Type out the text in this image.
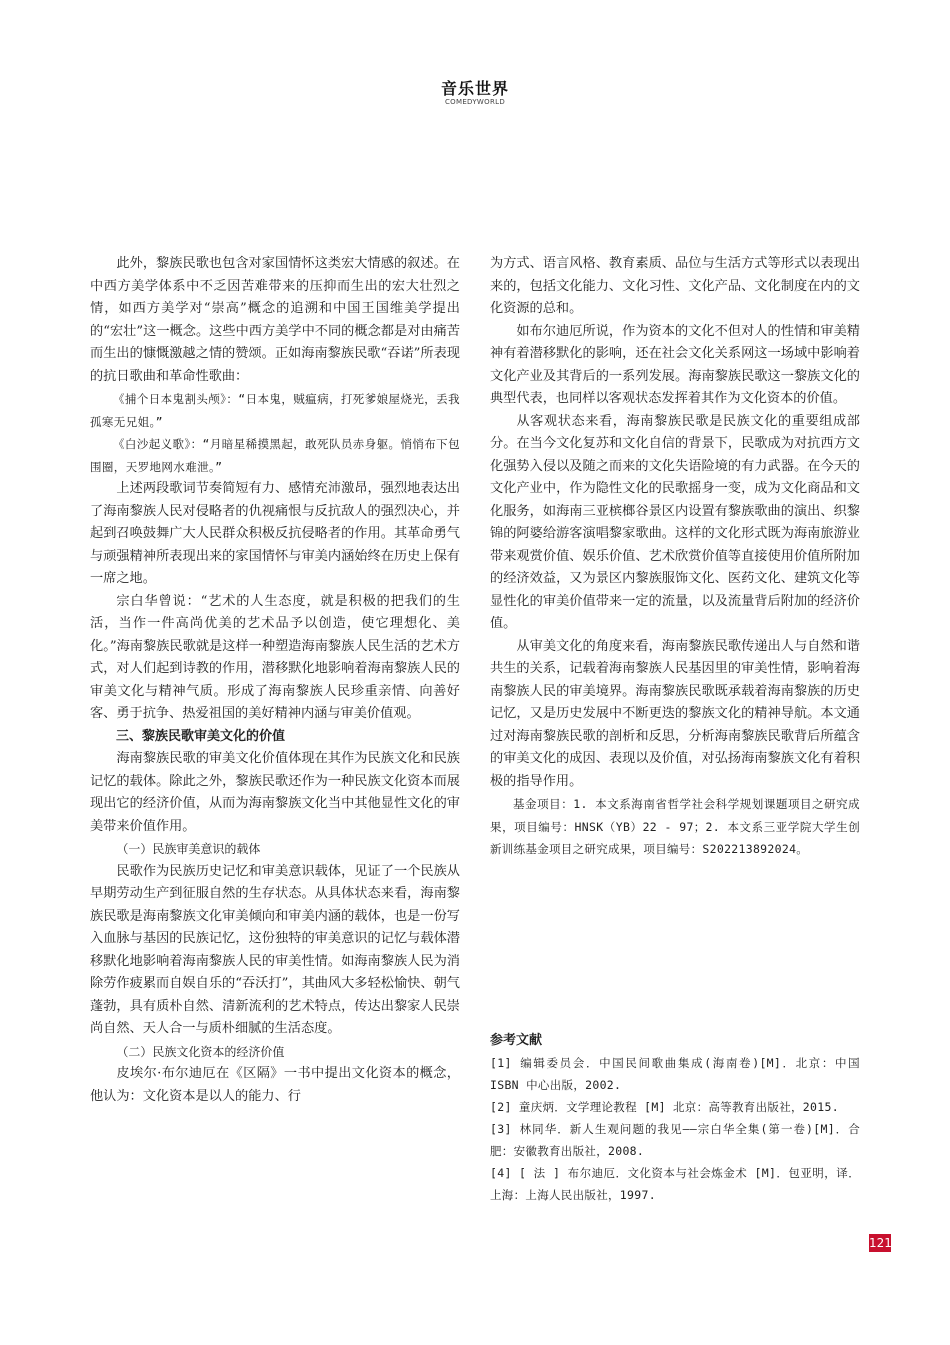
音乐世界
COMEDYWORLD

此外，黎族民歌也包含对家国情怀这类宏大情感的叙述。在中西方美学体系中不乏因苦难带来的压抑而生出的宏大壮烈之情，如西方美学对“崇高”概念的追溯和中国王国维美学提出的“宏壮”这一概念。这些中西方美学中不同的概念都是对由痛苦而生出的慷慨激越之情的赞颂。正如海南黎族民歌“吞诺”所表现的抗日歌曲和革命性歌曲：

《捕个日本鬼割头颅》：“日本鬼，贼瘟病，打死爹娘屋烧光，丢我孤寒无兄姐。”

《白沙起义歌》：“月暗星稀摸黑起，敢死队员赤身躯。悄悄布下包围圈，天罗地网水难泄。”

上述两段歌词节奏简短有力、感情充沛激昂，强烈地表达出了海南黎族人民对侵略者的仇视痛恨与反抗敌人的强烈决心，并起到召唤鼓舞广大人民群众积极反抗侵略者的作用。其革命勇气与顽强精神所表现出来的家国情怀与审美内涵始终在历史上保有一席之地。

宗白华曾说：“艺术的人生态度，就是积极的把我们的生活，当作一件高尚优美的艺术品予以创造，使它理想化、美化。”海南黎族民歌就是这样一种塑造海南黎族人民生活的艺术方式，对人们起到诗教的作用，潜移默化地影响着海南黎族人民的审美文化与精神气质。形成了海南黎族人民珍重亲情、向善好客、勇于抗争、热爱祖国的美好精神内涵与审美价值观。

三、黎族民歌审美文化的价值

海南黎族民歌的审美文化价值体现在其作为民族文化和民族记忆的载体。除此之外，黎族民歌还作为一种民族文化资本而展现出它的经济价值，从而为海南黎族文化当中其他显性文化的审美带来价值作用。

（一）民族审美意识的载体

民歌作为民族历史记忆和审美意识载体，见证了一个民族从早期劳动生产到征服自然的生存状态。从具体状态来看，海南黎族民歌是海南黎族文化审美倾向和审美内涵的载体，也是一份写入血脉与基因的民族记忆，这份独特的审美意识的记忆与载体潜移默化地影响着海南黎族人民的审美性情。如海南黎族人民为消除劳作疲累而自娱自乐的“吞沃打”，其曲风大多轻松愉快、朝气蓬勃，具有质朴自然、清新流利的艺术特点，传达出黎家人民崇尚自然、天人合一与质朴细腻的生活态度。

（二）民族文化资本的经济价值

皮埃尔·布尔迪厄在《区隔》一书中提出文化资本的概念，他认为：文化资本是以人的能力、行

为方式、语言风格、教育素质、品位与生活方式等形式以表现出来的，包括文化能力、文化习性、文化产品、文化制度在内的文化资源的总和。

如布尔迪厄所说，作为资本的文化不但对人的性情和审美精神有着潜移默化的影响，还在社会文化关系网这一场域中影响着文化产业及其背后的一系列发展。海南黎族民歌这一黎族文化的典型代表，也同样以客观状态发挥着其作为文化资本的价值。

从客观状态来看，海南黎族民歌是民族文化的重要组成部分。在当今文化复苏和文化自信的背景下，民歌成为对抗西方文化强势入侵以及随之而来的文化失语险境的有力武器。在今天的文化产业中，作为隐性文化的民歌摇身一变，成为文化商品和文化服务，如海南三亚槟榔谷景区内设置有黎族歌曲的演出、织黎锦的阿婆给游客演唱黎家歌曲。这样的文化形式既为海南旅游业带来观赏价值、娱乐价值、艺术欣赏价值等直接使用价值所附加的经济效益，又为景区内黎族服饰文化、医药文化、建筑文化等显性化的审美价值带来一定的流量，以及流量背后附加的经济价值。

从审美文化的角度来看，海南黎族民歌传递出人与自然和谐共生的关系，记载着海南黎族人民基因里的审美性情，影响着海南黎族人民的审美境界。海南黎族民歌既承载着海南黎族的历史记忆，又是历史发展中不断更迭的黎族文化的精神导航。本文通过对海南黎族民歌的剖析和反思，分析海南黎族民歌背后所蕴含的审美文化的成因、表现以及价值，对弘扬海南黎族文化有着积极的指导作用。

基金项目：1. 本文系海南省哲学社会科学规划课题项目之研究成果，项目编号：HNSK（YB）22 - 97；2. 本文系三亚学院大学生创新训练基金项目之研究成果，项目编号：S202213892024。

参考文献

[1] 编辑委员会．中国民间歌曲集成(海南卷)[M]．北京：中国 ISBN 中心出版，2002.

[2] 童庆炳．文学理论教程 [M] 北京：高等教育出版社，2015.

[3] 林同华．新人生观问题的我见——宗白华全集(第一卷)[M]．合肥：安徽教育出版社，2008.

[4] [ 法 ] 布尔迪厄．文化资本与社会炼金术 [M]．包亚明，译．上海：上海人民出版社，1997.

121
